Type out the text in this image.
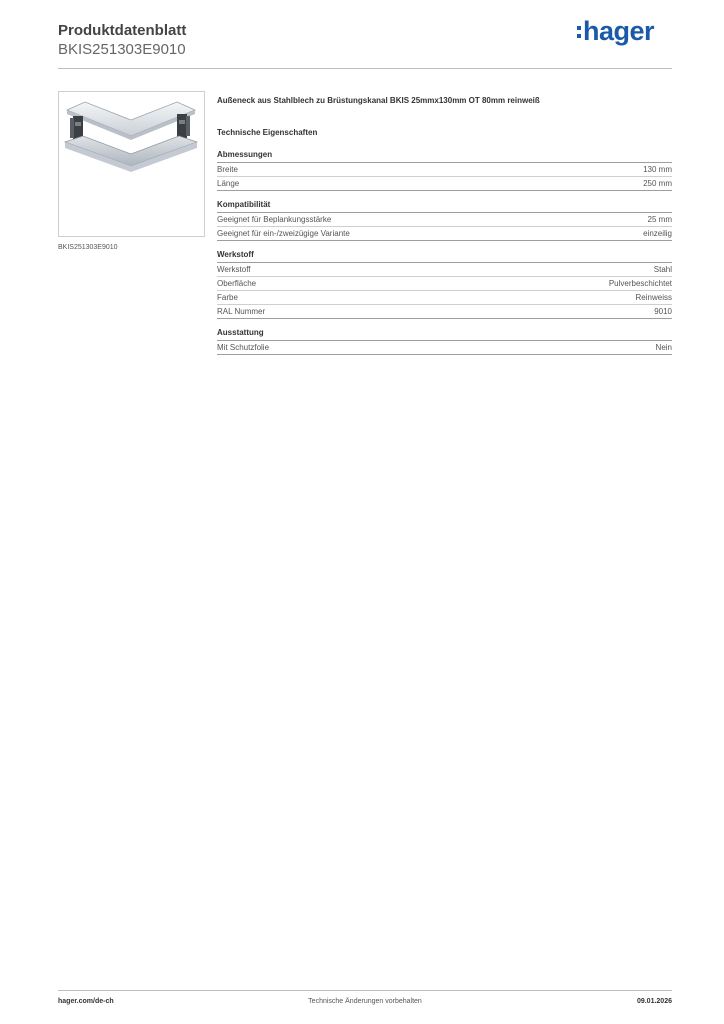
Produktdatenblatt
BKIS251303E9010
hager
BKIS251303E9010
Außeneck aus Stahlblech zu Brüstungskanal BKIS 25mmx130mm OT 80mm reinweiß
Technische Eigenschaften
Abmessungen
Breite	130 mm
Länge	250 mm
Kompatibilität
Geeignet für Beplankungsstärke	25 mm
Geeignet für ein-/zweizügige Variante	einzeilig
Werkstoff
Werkstoff	Stahl
Oberfläche	Pulverbeschichtet
Farbe	Reinweiss
RAL Nummer	9010
Ausstattung
Mit Schutzfolie	Nein
hager.com/de-ch	Technische Änderungen vorbehalten	09.01.2026
